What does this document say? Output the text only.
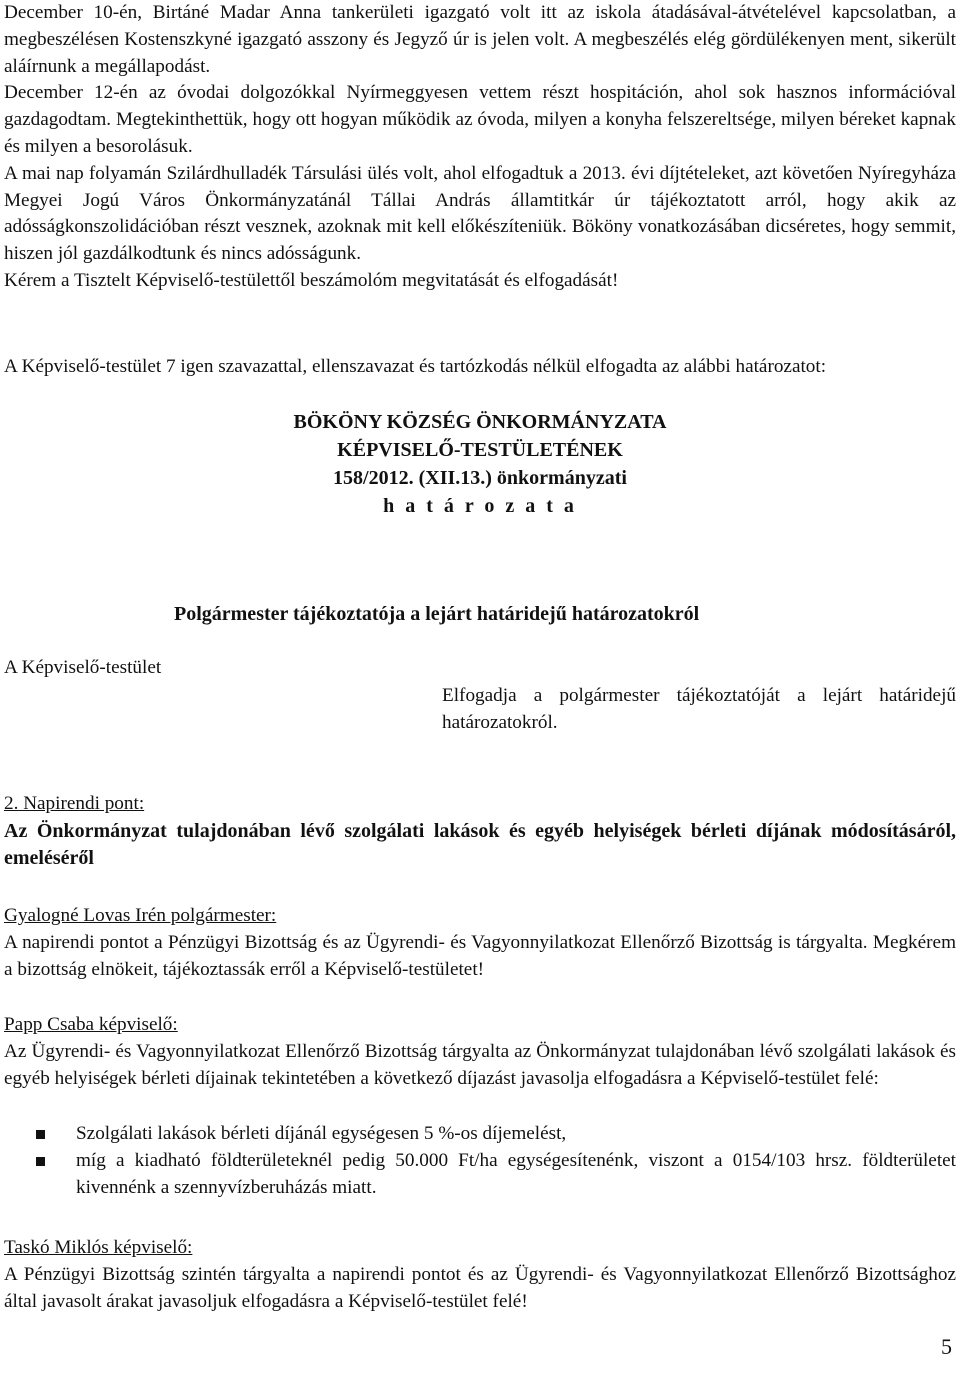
December 10-én, Birtáné Madar Anna tankerületi igazgató volt itt az iskola átadásával-átvételével kapcsolatban, a megbeszélésen Kostenszkyné igazgató asszony és Jegyző úr is jelen volt. A megbeszélés elég gördülékenyen ment, sikerült aláírnunk a megállapodást.

December 12-én az óvodai dolgozókkal Nyírmeggyesen vettem részt hospitáción, ahol sok hasznos információval gazdagodtam. Megtekinthettük, hogy ott hogyan működik az óvoda, milyen a konyha felszereltsége, milyen béreket kapnak és milyen a besorolásuk.

A mai nap folyamán Szilárdhulladék Társulási ülés volt, ahol elfogadtuk a 2013. évi díjtételeket, azt követően Nyíregyháza Megyei Jogú Város Önkormányzatánál Tállai András államtitkár úr tájékoztatott arról, hogy akik az adósságkonszolidációban részt vesznek, azoknak mit kell előkészíteniük. Bököny vonatkozásában dicséretes, hogy semmit, hiszen jól gazdálkodtunk és nincs adósságunk.

Kérem a Tisztelt Képviselő-testülettől beszámolóm megvitatását és elfogadását!

A Képviselő-testület 7 igen szavazattal, ellenszavazat és tartózkodás nélkül elfogadta az alábbi határozatot:

BÖKÖNY KÖZSÉG ÖNKORMÁNYZATA
KÉPVISELŐ-TESTÜLETÉNEK
158/2012. (XII.13.) önkormányzati
h a t á r o z a t a
Polgármester tájékoztatója a lejárt határidejű határozatokról
A Képviselő-testület
Elfogadja a polgármester tájékoztatóját a lejárt határidejű határozatokról.

2. Napirendi pont:

Az Önkormányzat tulajdonában lévő szolgálati lakások és egyéb helyiségek bérleti díjának módosításáról, emeléséről

Gyalogné Lovas Irén polgármester:

A napirendi pontot a Pénzügyi Bizottság és az Ügyrendi- és Vagyonnyilatkozat Ellenőrző Bizottság is tárgyalta. Megkérem a bizottság elnökeit, tájékoztassák erről a Képviselő-testületet!

Papp Csaba képviselő:

Az Ügyrendi- és Vagyonnyilatkozat Ellenőrző Bizottság tárgyalta az Önkormányzat tulajdonában lévő szolgálati lakások és egyéb helyiségek bérleti díjainak tekintetében a következő díjazást javasolja elfogadásra a Képviselő-testület felé:

Szolgálati lakások bérleti díjánál egységesen 5 %-os díjemelést,
míg a kiadható földterületeknél pedig 50.000 Ft/ha egységesítenénk, viszont a 0154/103 hrsz. földterületet kivennénk a szennyvízberuházás miatt.

Taskó Miklós képviselő:

A Pénzügyi Bizottság szintén tárgyalta a napirendi pontot és az Ügyrendi- és Vagyonnyilatkozat Ellenőrző Bizottsághoz által javasolt árakat javasoljuk elfogadásra a Képviselő-testület felé!

5
